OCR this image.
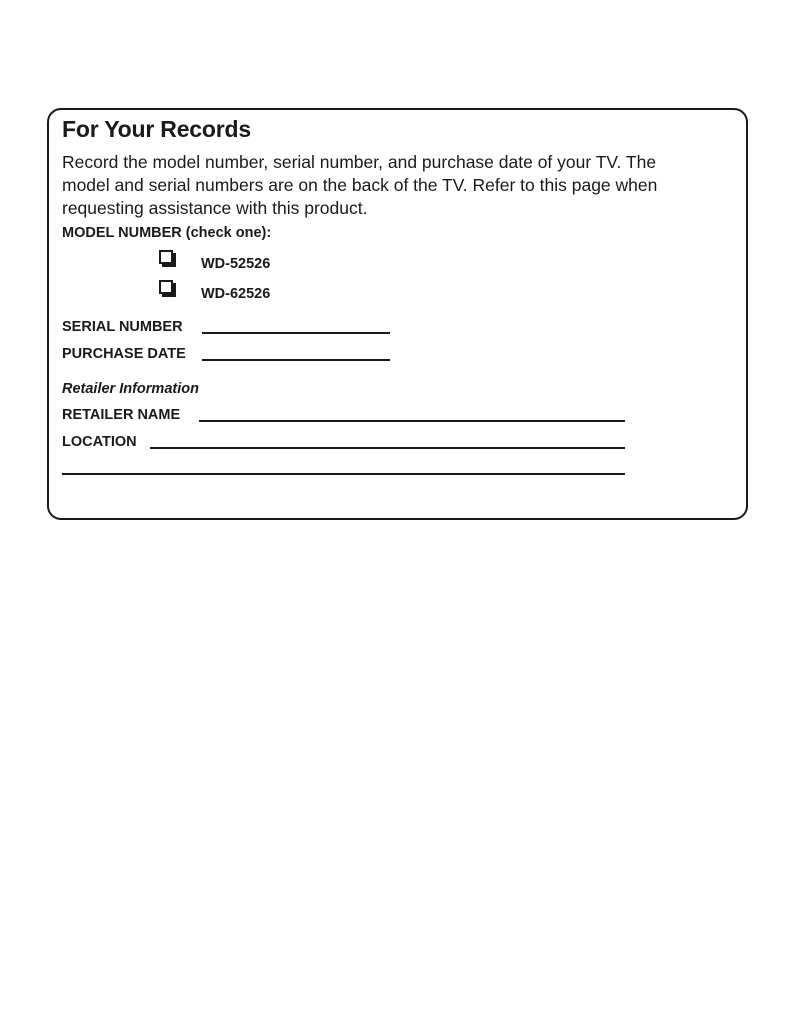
For Your Records
Record the model number, serial number, and purchase date of your TV. The
model and serial numbers are on the back of the TV. Refer to this page when
requesting assistance with this product.
MODEL NUMBER (check one):
WD-52526
WD-62526
SERIAL NUMBER
PURCHASE DATE
Retailer Information
RETAILER NAME
LOCATION
